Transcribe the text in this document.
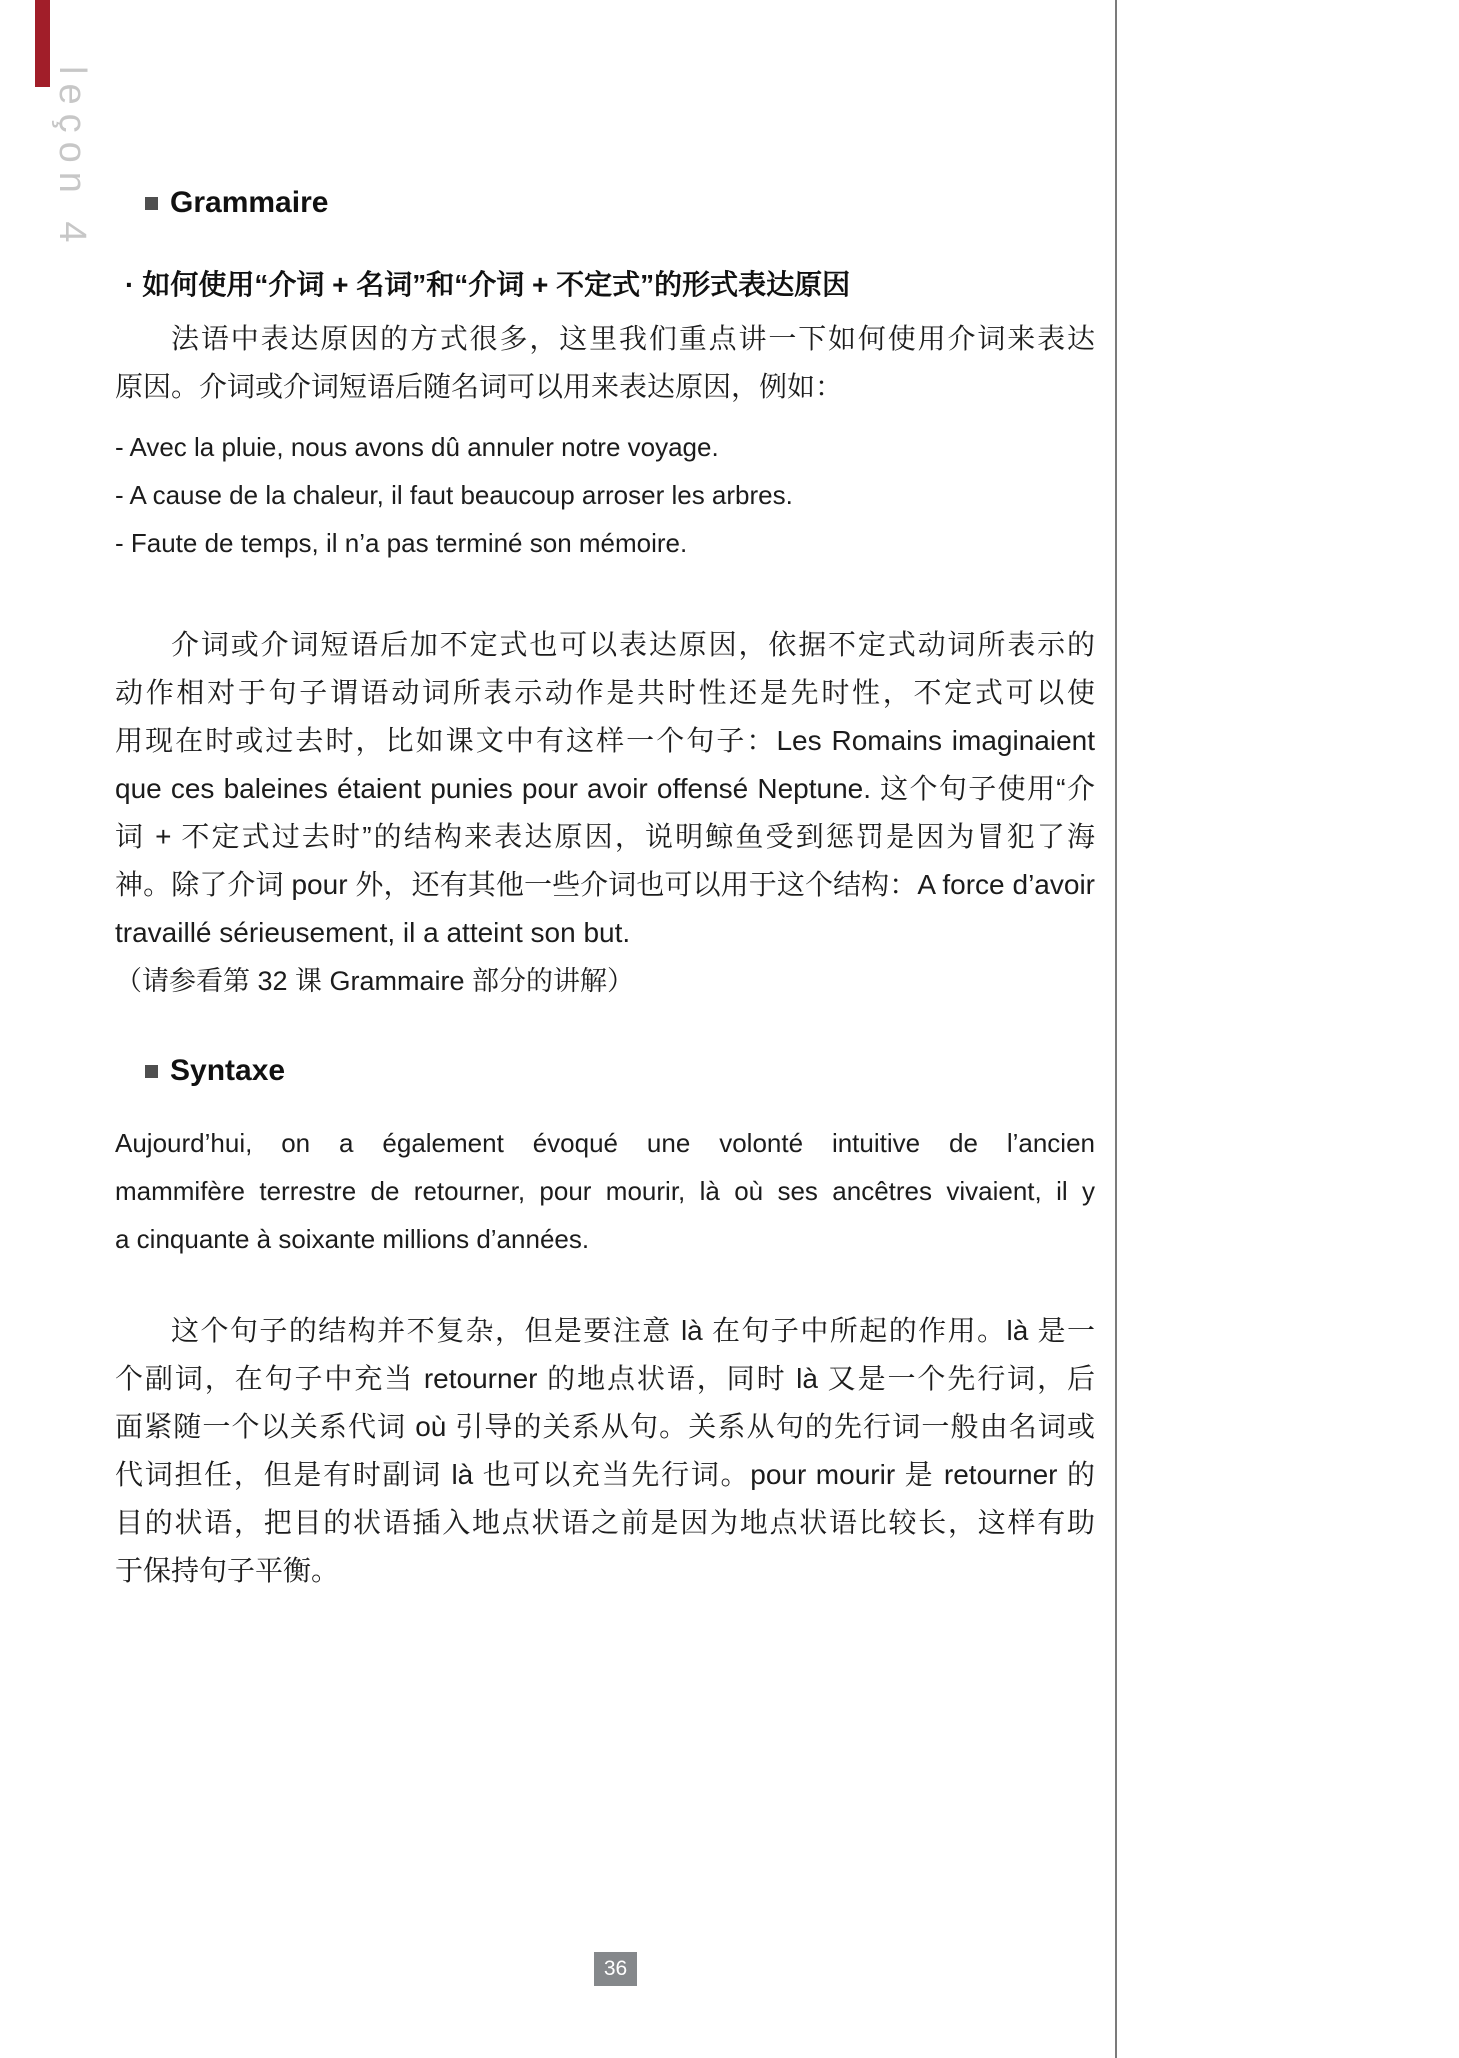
leçon 4	Grammaire
· 如何使用“介词 + 名词”和“介词 + 不定式”的形式表达原因
法语中表达原因的方式很多，这里我们重点讲一下如何使用介词来表达
原因。介词或介词短语后随名词可以用来表达原因，例如：
- Avec la pluie, nous avons dû annuler notre voyage.
- A cause de la chaleur, il faut beaucoup arroser les arbres.
- Faute de temps, il n’a pas terminé son mémoire.
介词或介词短语后加不定式也可以表达原因，依据不定式动词所表示的
动作相对于句子谓语动词所表示动作是共时性还是先时性，不定式可以使
用现在时或过去时，比如课文中有这样一个句子：Les Romains imaginaient
que ces baleines étaient punies pour avoir offensé Neptune. 这个句子使用“介
词 + 不定式过去时”的结构来表达原因，说明鲸鱼受到惩罚是因为冒犯了海
神。除了介词 pour 外，还有其他一些介词也可以用于这个结构：A force d’avoir
travaillé sérieusement, il a atteint son but.
（请参看第 32 课 Grammaire 部分的讲解）
Syntaxe
Aujourd’hui, on a également évoqué une volonté intuitive de l’ancien
mammifère terrestre de retourner, pour mourir, là où ses ancêtres vivaient, il y
a cinquante à soixante millions d’années.
这个句子的结构并不复杂，但是要注意 là 在句子中所起的作用。là 是一
个副词，在句子中充当 retourner 的地点状语，同时 là 又是一个先行词，后
面紧随一个以关系代词 où 引导的关系从句。关系从句的先行词一般由名词或
代词担任，但是有时副词 là 也可以充当先行词。pour mourir 是 retourner 的
目的状语，把目的状语插入地点状语之前是因为地点状语比较长，这样有助
于保持句子平衡。
36
